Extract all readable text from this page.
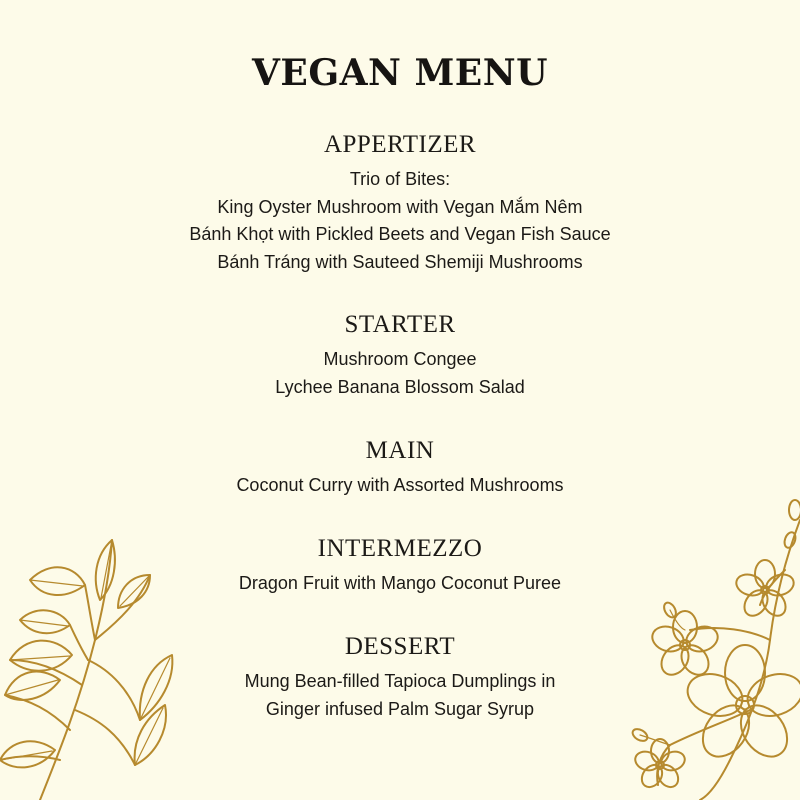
VEGAN MENU
APPERTIZER
Trio of Bites:
King Oyster Mushroom with Vegan Mắm Nêm
Bánh Khọt with Pickled Beets and Vegan Fish Sauce
Bánh Tráng with Sauteed Shemiji Mushrooms
STARTER
Mushroom Congee
Lychee Banana Blossom Salad
MAIN
Coconut Curry with Assorted Mushrooms
INTERMEZZO
Dragon Fruit with Mango Coconut Puree
DESSERT
Mung Bean-filled Tapioca Dumplings in
Ginger infused Palm Sugar Syrup
